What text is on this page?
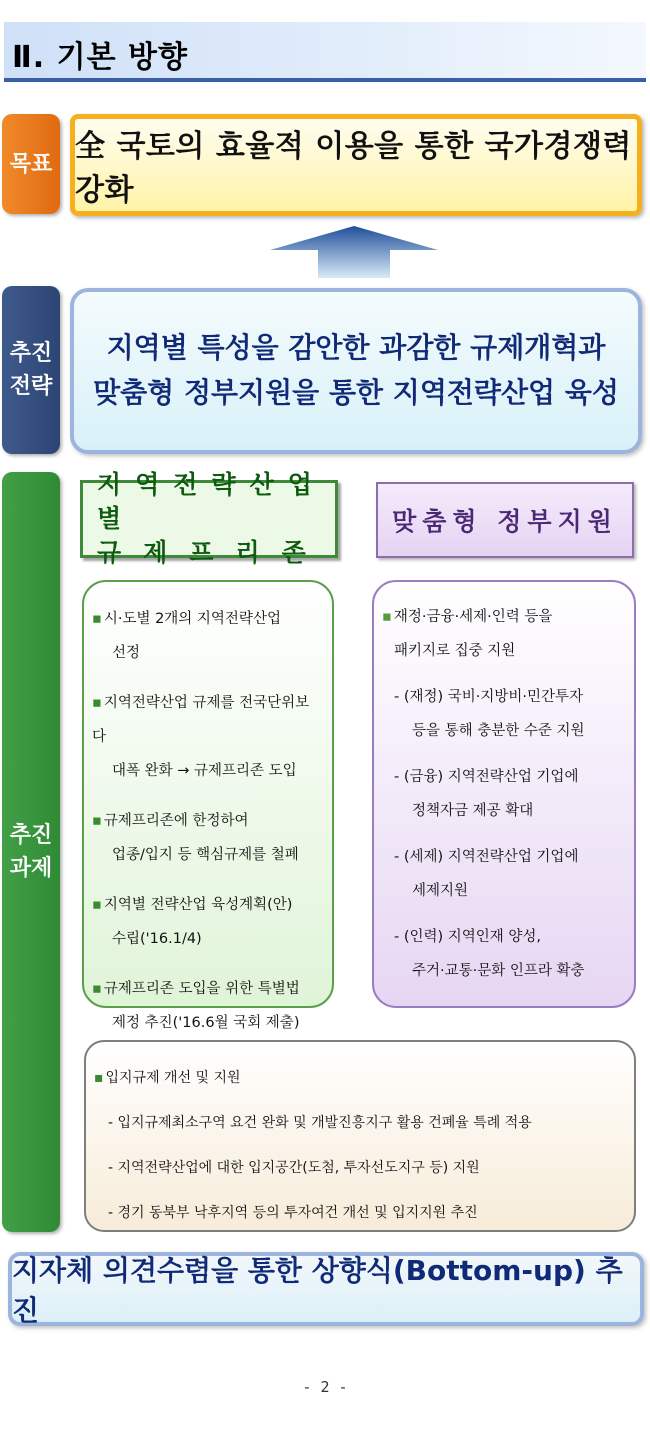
Ⅱ. 기본 방향
목표
추진
전략
추진
과제
全 국토의 효율적 이용을 통한 국가경쟁력 강화
지역별 특성을 감안한 과감한 규제개혁과
맞춤형 정부지원을 통한 지역전략산업 육성
지역전략산업별
규제프리존
맞춤형 정부지원
▪ 시·도별 2개의 지역전략산업
선정
▪ 지역전략산업 규제를 전국단위보다
대폭 완화 → 규제프리존 도입
▪ 규제프리존에 한정하여
업종/입지 등 핵심규제를 철폐
▪ 지역별 전략산업 육성계획(안)
수립('16.1/4)
▪ 규제프리존 도입을 위한 특별법
제정 추진('16.6월 국회 제출)
▪ 재정·금융·세제·인력 등을
패키지로 집중 지원
- (재정) 국비·지방비·민간투자
등을 통해 충분한 수준 지원
- (금융) 지역전략산업 기업에
정책자금 제공 확대
- (세제) 지역전략산업 기업에
세제지원
- (인력) 지역인재 양성,
주거·교통·문화 인프라 확충
▪ 입지규제 개선 및 지원
- 입지규제최소구역 요건 완화 및 개발진흥지구 활용 건폐율 특례 적용
- 지역전략산업에 대한 입지공간(도첨, 투자선도지구 등) 지원
- 경기 동북부 낙후지역 등의 투자여건 개선 및 입지지원 추진
지자체 의견수렴을 통한 상향식(Bottom-up) 추진
- 2 -
